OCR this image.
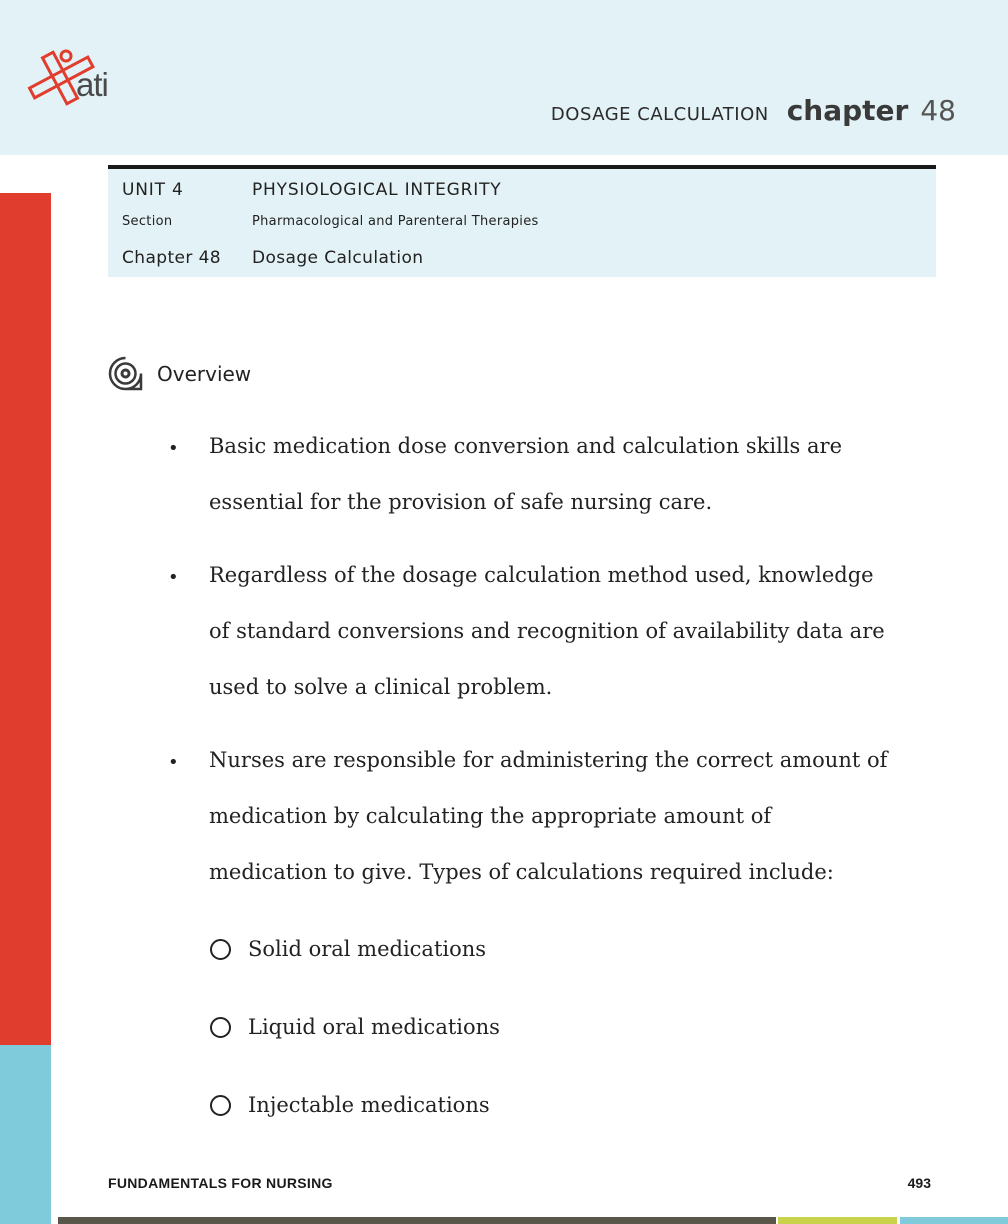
ati
DOSAGE CALCULATION chapter 48
UNIT 4	PHYSIOLOGICAL INTEGRITY
Section	Pharmacological and Parenteral Therapies
Chapter 48	Dosage Calculation
Overview
• Basic medication dose conversion and calculation skills are
essential for the provision of safe nursing care.
• Regardless of the dosage calculation method used, knowledge
of standard conversions and recognition of availability data are
used to solve a clinical problem.
• Nurses are responsible for administering the correct amount of
medication by calculating the appropriate amount of
medication to give. Types of calculations required include:
Solid oral medications
Liquid oral medications
Injectable medications
FUNDAMENTALS FOR NURSING	493
